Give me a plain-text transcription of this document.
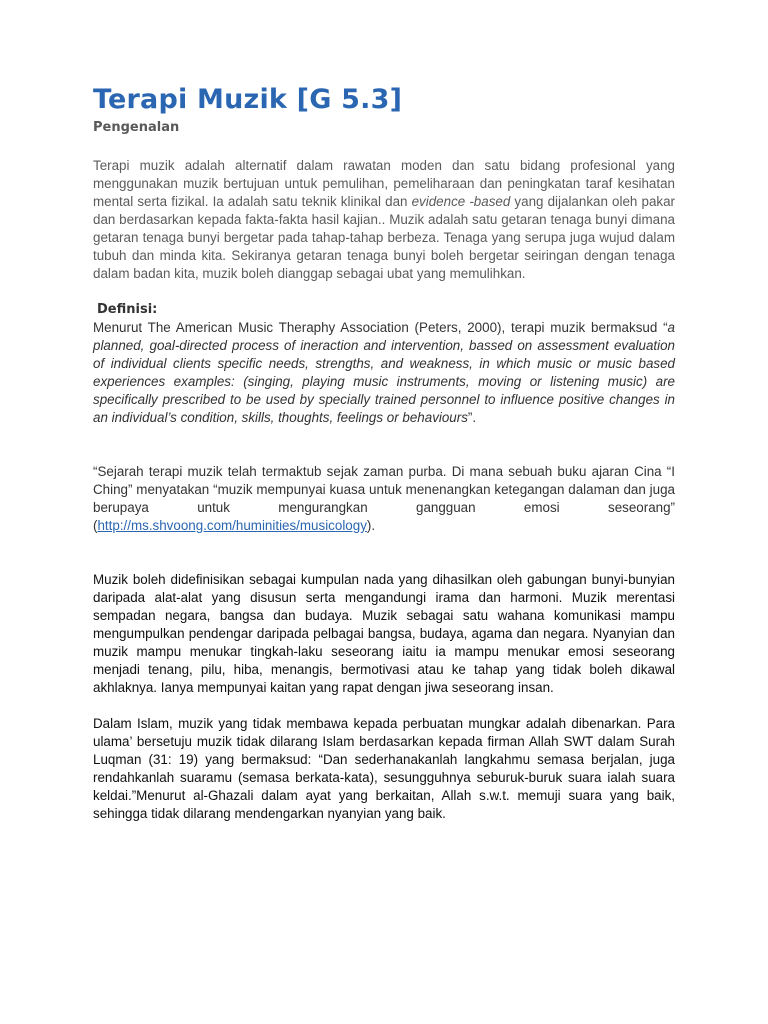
Terapi Muzik [G 5.3]
Pengenalan

Terapi muzik adalah alternatif dalam rawatan moden dan satu bidang profesional yang menggunakan muzik bertujuan untuk pemulihan, pemeliharaan dan peningkatan taraf kesihatan mental serta fizikal. Ia adalah satu teknik klinikal dan evidence -based yang dijalankan oleh pakar dan berdasarkan kepada fakta-fakta hasil kajian.. Muzik adalah satu getaran tenaga bunyi dimana getaran tenaga bunyi bergetar pada tahap-tahap berbeza. Tenaga yang serupa juga wujud dalam tubuh dan minda kita. Sekiranya getaran tenaga bunyi boleh bergetar seiringan dengan tenaga dalam badan kita, muzik boleh dianggap sebagai ubat yang memulihkan.

Definisi:

Menurut The American Music Theraphy Association (Peters, 2000), terapi muzik bermaksud “a planned, goal-directed process of ineraction and intervention, bassed on assessment evaluation of individual clients specific needs, strengths, and weakness, in which music or music based experiences examples: (singing, playing music instruments, moving or listening music) are specifically prescribed to be used by specially trained personnel to influence positive changes in an individual’s condition, skills, thoughts, feelings or behaviours”.

“Sejarah terapi muzik telah termaktub sejak zaman purba. Di mana sebuah buku ajaran Cina “I Ching” menyatakan “muzik mempunyai kuasa untuk menenangkan ketegangan dalaman dan juga berupaya untuk mengurangkan gangguan emosi seseorang” (http://ms.shvoong.com/huminities/musicology).

Muzik boleh didefinisikan sebagai kumpulan nada yang dihasilkan oleh gabungan bunyi-bunyian daripada alat-alat yang disusun serta mengandungi irama dan harmoni. Muzik merentasi sempadan negara, bangsa dan budaya. Muzik sebagai satu wahana komunikasi mampu mengumpulkan pendengar daripada pelbagai bangsa, budaya, agama dan negara. Nyanyian dan muzik mampu menukar tingkah-laku seseorang iaitu ia mampu menukar emosi seseorang menjadi tenang, pilu, hiba, menangis, bermotivasi atau ke tahap yang tidak boleh dikawal akhlaknya. Ianya mempunyai kaitan yang rapat dengan jiwa seseorang insan.

Dalam Islam, muzik yang tidak membawa kepada perbuatan mungkar adalah dibenarkan. Para ulama’ bersetuju muzik tidak dilarang Islam berdasarkan kepada firman Allah SWT dalam Surah Luqman (31: 19) yang bermaksud: “Dan sederhanakanlah langkahmu semasa berjalan, juga rendahkanlah suaramu (semasa berkata-kata), sesungguhnya seburuk-buruk suara ialah suara keldai.”Menurut al-Ghazali dalam ayat yang berkaitan, Allah s.w.t. memuji suara yang baik, sehingga tidak dilarang mendengarkan nyanyian yang baik.
